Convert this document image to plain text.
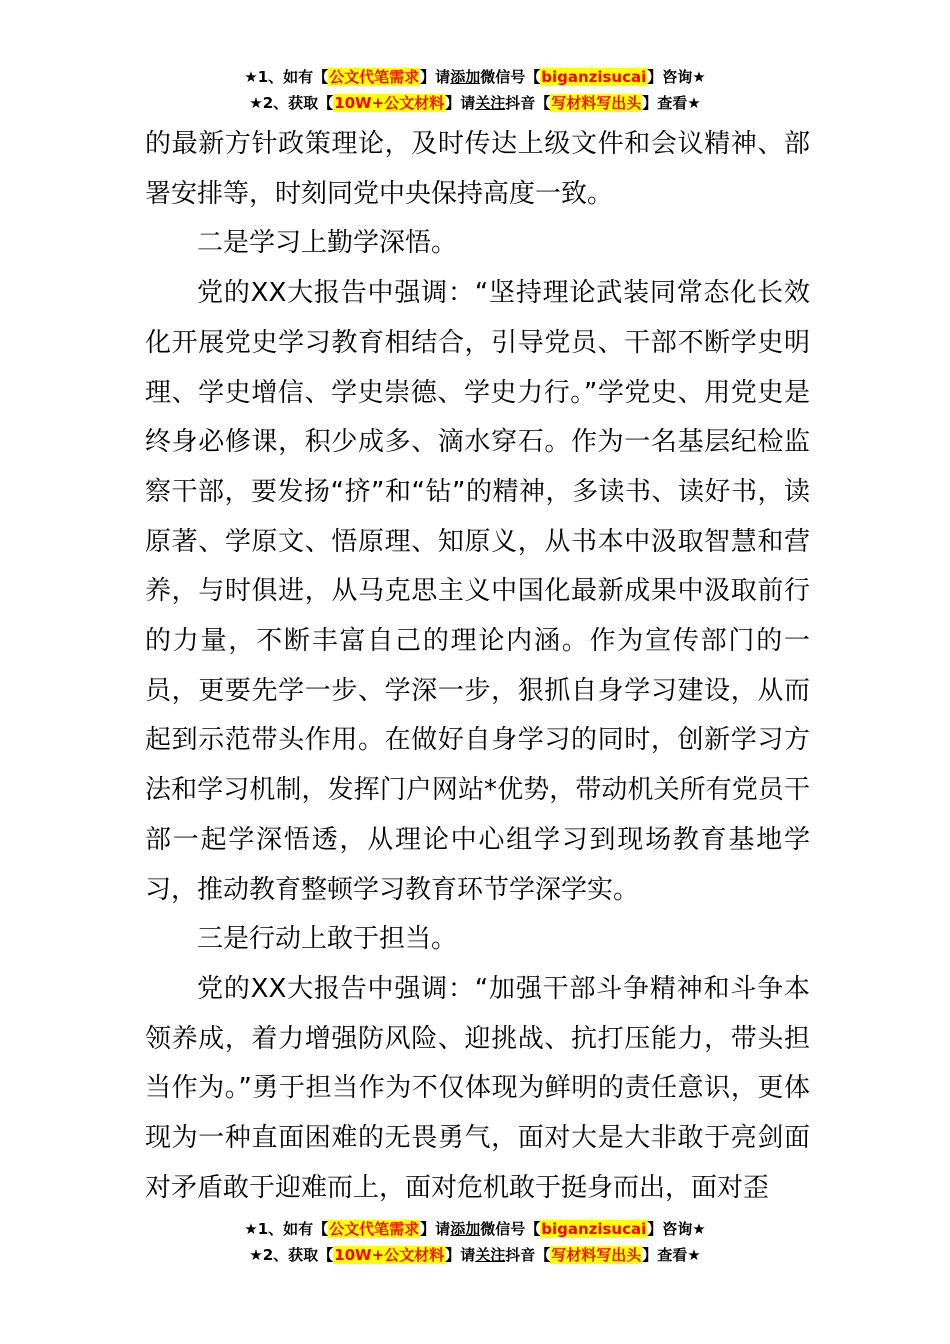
★1、如有【公文代笔需求】请添加微信号【biganzisucai】咨询★
★2、获取【10W+公文材料】请关注抖音【写材料写出头】查看★

的最新方针政策理论，及时传达上级文件和会议精神、部署安排等，时刻同党中央保持高度一致。

二是学习上勤学深悟。

党的XX大报告中强调：“坚持理论武装同常态化长效化开展党史学习教育相结合，引导党员、干部不断学史明理、学史增信、学史崇德、学史力行。”学党史、用党史是终身必修课，积少成多、滴水穿石。作为一名基层纪检监察干部，要发扬“挤”和“钻”的精神，多读书、读好书，读原著、学原文、悟原理、知原义，从书本中汲取智慧和营养，与时俱进，从马克思主义中国化最新成果中汲取前行的力量，不断丰富自己的理论内涵。作为宣传部门的一员，更要先学一步、学深一步，狠抓自身学习建设，从而起到示范带头作用。在做好自身学习的同时，创新学习方法和学习机制，发挥门户网站*优势，带动机关所有党员干部一起学深悟透，从理论中心组学习到现场教育基地学习，推动教育整顿学习教育环节学深学实。

三是行动上敢于担当。

党的XX大报告中强调：“加强干部斗争精神和斗争本领养成，着力增强防风险、迎挑战、抗打压能力，带头担当作为。”勇于担当作为不仅体现为鲜明的责任意识，更体现为一种直面困难的无畏勇气，面对大是大非敢于亮剑面对矛盾敢于迎难而上，面对危机敢于挺身而出，面对歪

★1、如有【公文代笔需求】请添加微信号【biganzisucai】咨询★
★2、获取【10W+公文材料】请关注抖音【写材料写出头】查看★
